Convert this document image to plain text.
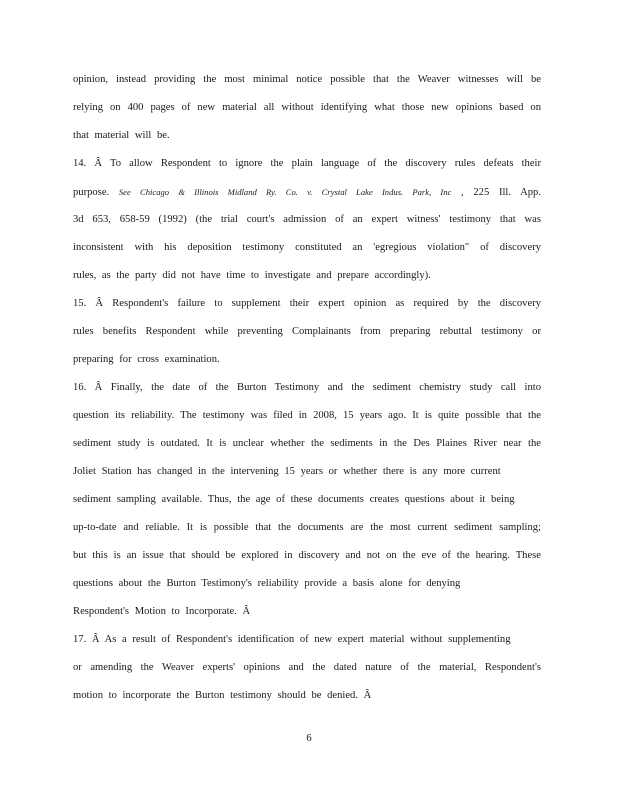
opinion, instead providing the most minimal notice possible that the Weaver witnesses will be
relying on 400 pages of new material all without identifying what those new opinions based on
that material will be.
14. Â To allow Respondent to ignore the plain language of the discovery rules defeats their
purpose. See Chicago & Illinois Midland Ry. Co. v. Crystal Lake Indus. Park, Inc , 225 Ill. App.
3d 653, 658-59 (1992) (the trial court's admission of an expert witness' testimony that was
inconsistent with his deposition testimony constituted an 'egregious violation" of discovery
rules, as the party did not have time to investigate and prepare accordingly).
15. Â Respondent's failure to supplement their expert opinion as required by the discovery
rules benefits Respondent while preventing Complainants from preparing rebuttal testimony or
preparing for cross examination.
16. Â Finally, the date of the Burton Testimony and the sediment chemistry study call into
question its reliability. The testimony was filed in 2008, 15 years ago. It is quite possible that the
sediment study is outdated. It is unclear whether the sediments in the Des Plaines River near the
Joliet Station has changed in the intervening 15 years or whether there is any more current
sediment sampling available. Thus, the age of these documents creates questions about it being
up-to-date and reliable. It is possible that the documents are the most current sediment sampling;
but this is an issue that should be explored in discovery and not on the eve of the hearing. These
questions about the Burton Testimony's reliability provide a basis alone for denying
Respondent's Motion to Incorporate. Â
17. Â As a result of Respondent's identification of new expert material without supplementing
or amending the Weaver experts' opinions and the dated nature of the material, Respondent's
motion to incorporate the Burton testimony should be denied. Â
6
